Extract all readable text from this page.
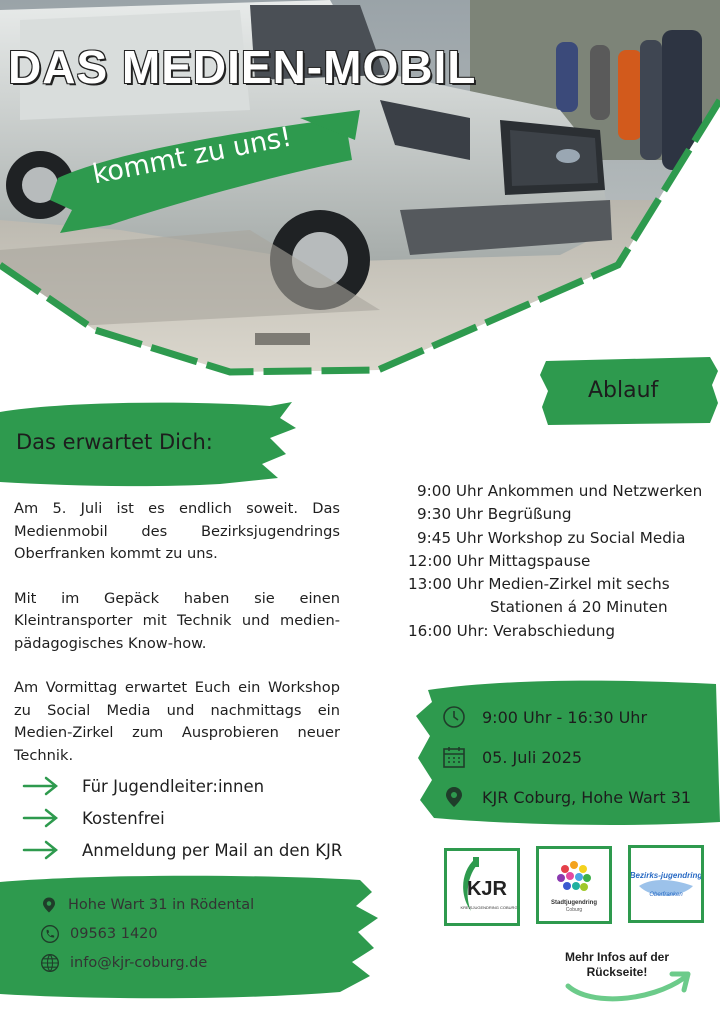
DAS MEDIEN-MOBIL
kommt zu uns!
Ablauf
Das erwartet Dich:

Am 5. Juli ist es endlich soweit. Das Medienmobil des Bezirksjugendrings Oberfranken kommt zu uns.

Mit im Gepäck haben sie einen Kleintransporter mit Technik und medien-pädagogisches Know-how.

Am Vormittag erwartet Euch ein Workshop zu Social Media und nachmittags ein Medien-Zirkel zum Ausprobieren neuer Technik.

9:00 Uhr Ankommen und Netzwerken
9:30 Uhr Begrüßung
9:45 Uhr Workshop zu Social Media
12:00 Uhr Mittagspause
13:00 Uhr Medien-Zirkel mit sechs
Stationen á 20 Minuten
16:00 Uhr: Verabschiedung
Für Jugendleiter:innen
Kostenfrei
Anmeldung per Mail an den KJR
9:00 Uhr - 16:30 Uhr
05. Juli 2025
KJR Coburg, Hohe Wart 31
Hohe Wart 31 in Rödental
09563 1420
info@kjr-coburg.de
KJR
KREISJUGENDRING COBURG
Stadtjugendring
Coburg
Bezirks-jugendring
Oberfranken
Mehr Infos auf der Rückseite!
